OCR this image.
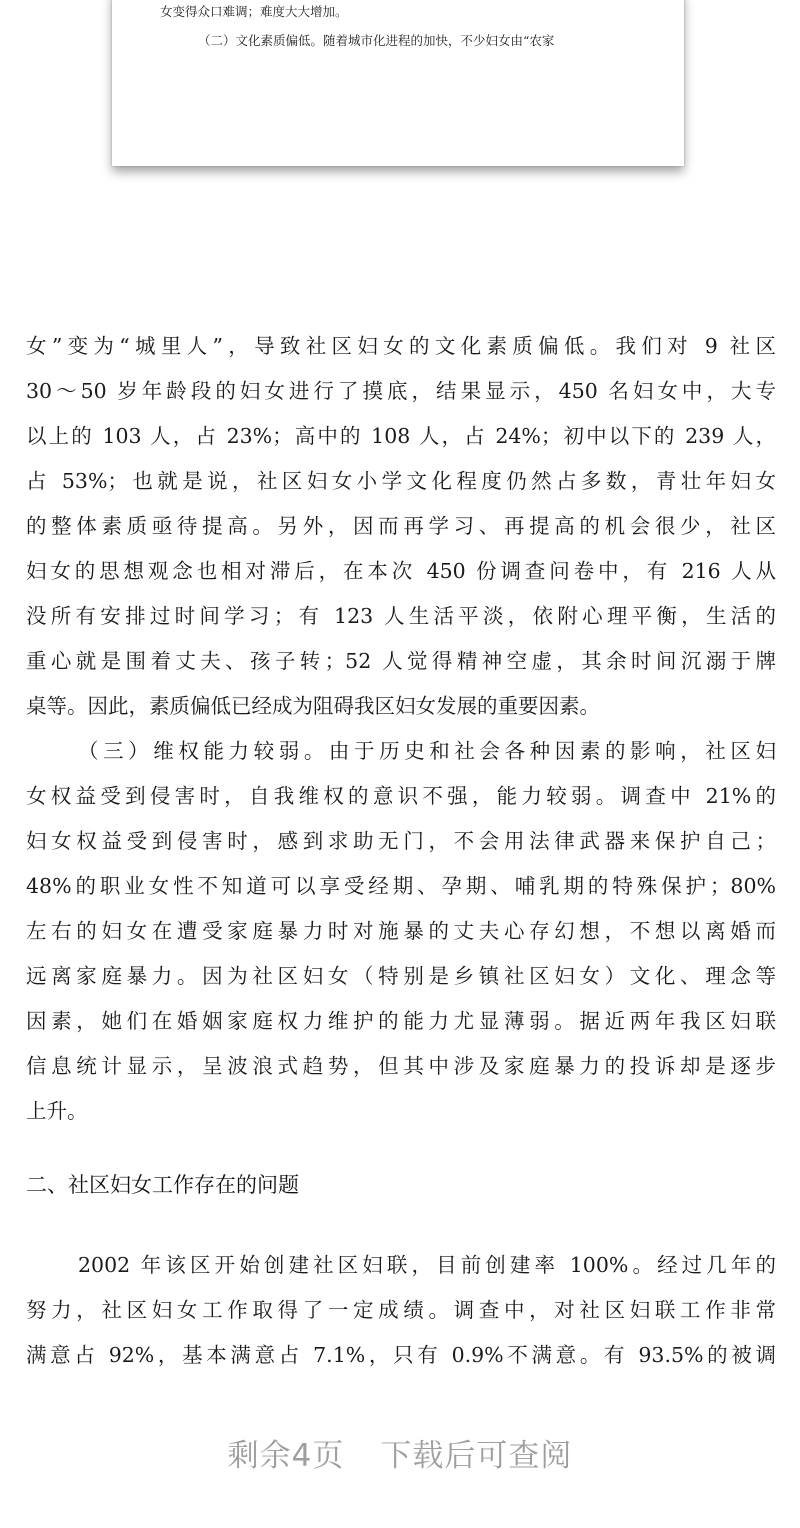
女变得众口难调；难度大大增加。
（二）文化素质偏低。随着城市化进程的加快，不少妇女由“农家
女”变为“城里人”，导致社区妇女的文化素质偏低。我们对 9 社区
30～50 岁年龄段的妇女进行了摸底，结果显示，450 名妇女中，大专
以上的 103 人，占 23%；高中的 108 人，占 24%；初中以下的 239 人，
占 53%；也就是说，社区妇女小学文化程度仍然占多数，青壮年妇女
的整体素质亟待提高。另外，因而再学习、再提高的机会很少，社区
妇女的思想观念也相对滞后，在本次 450 份调查问卷中，有 216 人从
没所有安排过时间学习；有 123 人生活平淡，依附心理平衡，生活的
重心就是围着丈夫、孩子转；52 人觉得精神空虚，其余时间沉溺于牌
桌等。因此，素质偏低已经成为阻碍我区妇女发展的重要因素。
（三）维权能力较弱。由于历史和社会各种因素的影响，社区妇
女权益受到侵害时，自我维权的意识不强，能力较弱。调查中 21%的
妇女权益受到侵害时，感到求助无门，不会用法律武器来保护自己；
48%的职业女性不知道可以享受经期、孕期、哺乳期的特殊保护；80%
左右的妇女在遭受家庭暴力时对施暴的丈夫心存幻想，不想以离婚而
远离家庭暴力。因为社区妇女（特别是乡镇社区妇女）文化、理念等
因素，她们在婚姻家庭权力维护的能力尤显薄弱。据近两年我区妇联
信息统计显示，呈波浪式趋势，但其中涉及家庭暴力的投诉却是逐步
上升。
二、社区妇女工作存在的问题
2002 年该区开始创建社区妇联，目前创建率 100%。经过几年的
努力，社区妇女工作取得了一定成绩。调查中，对社区妇联工作非常
满意占 92%，基本满意占 7.1%，只有 0.9%不满意。有 93.5%的被调
剩余4页 下载后可查阅
